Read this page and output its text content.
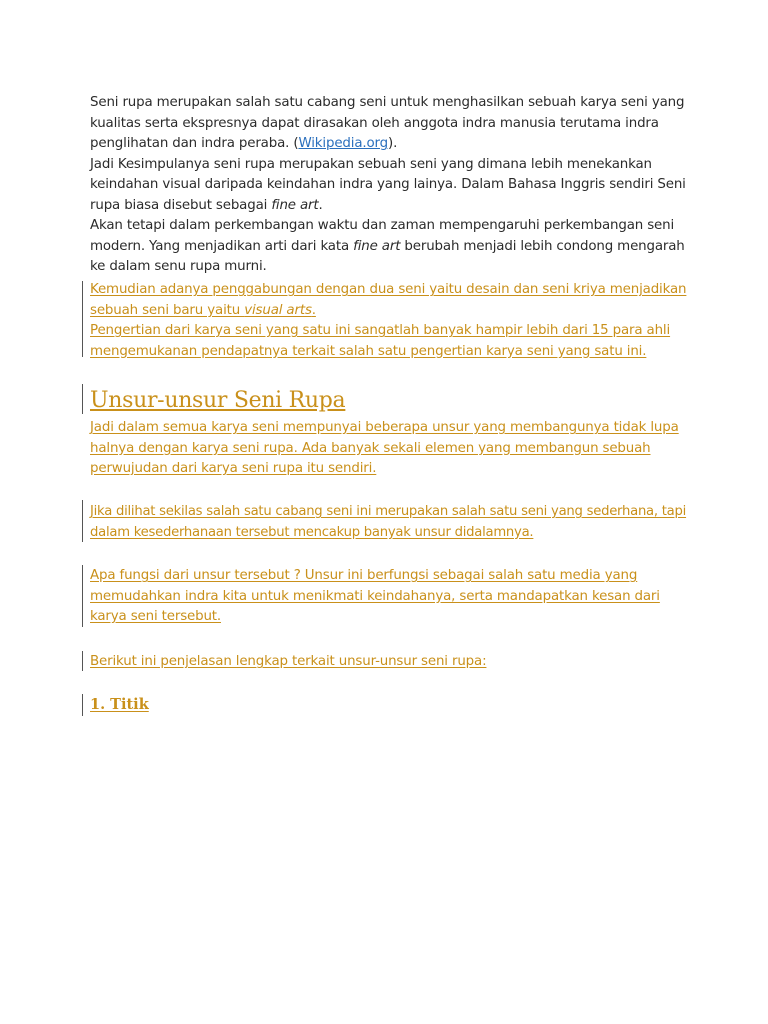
Seni rupa merupakan salah satu cabang seni untuk menghasilkan sebuah karya seni yang kualitas serta ekspresnya dapat dirasakan oleh anggota indra manusia terutama indra penglihatan dan indra peraba. (Wikipedia.org).

Jadi Kesimpulanya seni rupa merupakan sebuah seni yang dimana lebih menekankan keindahan visual daripada keindahan indra yang lainya. Dalam Bahasa Inggris sendiri Seni rupa biasa disebut sebagai fine art.

Akan tetapi dalam perkembangan waktu dan zaman mempengaruhi perkembangan seni modern. Yang menjadikan arti dari kata fine art berubah menjadi lebih condong mengarah ke dalam senu rupa murni.

Kemudian adanya penggabungan dengan dua seni yaitu desain dan seni kriya menjadikan sebuah seni baru yaitu visual arts.

Pengertian dari karya seni yang satu ini sangatlah banyak hampir lebih dari 15 para ahli mengemukanan pendapatnya terkait salah satu pengertian karya seni yang satu ini.

Unsur-unsur Seni Rupa

Jadi dalam semua karya seni mempunyai beberapa unsur yang membangunya tidak lupa halnya dengan karya seni rupa. Ada banyak sekali elemen yang membangun sebuah perwujudan dari karya seni rupa itu sendiri.

Jika dilihat sekilas salah satu cabang seni ini merupakan salah satu seni yang sederhana, tapi dalam kesederhanaan tersebut mencakup banyak unsur didalamnya.

Apa fungsi dari unsur tersebut ? Unsur ini berfungsi sebagai salah satu media yang memudahkan indra kita untuk menikmati keindahanya, serta mandapatkan kesan dari karya seni tersebut.

Berikut ini penjelasan lengkap terkait unsur-unsur seni rupa:

1. Titik
